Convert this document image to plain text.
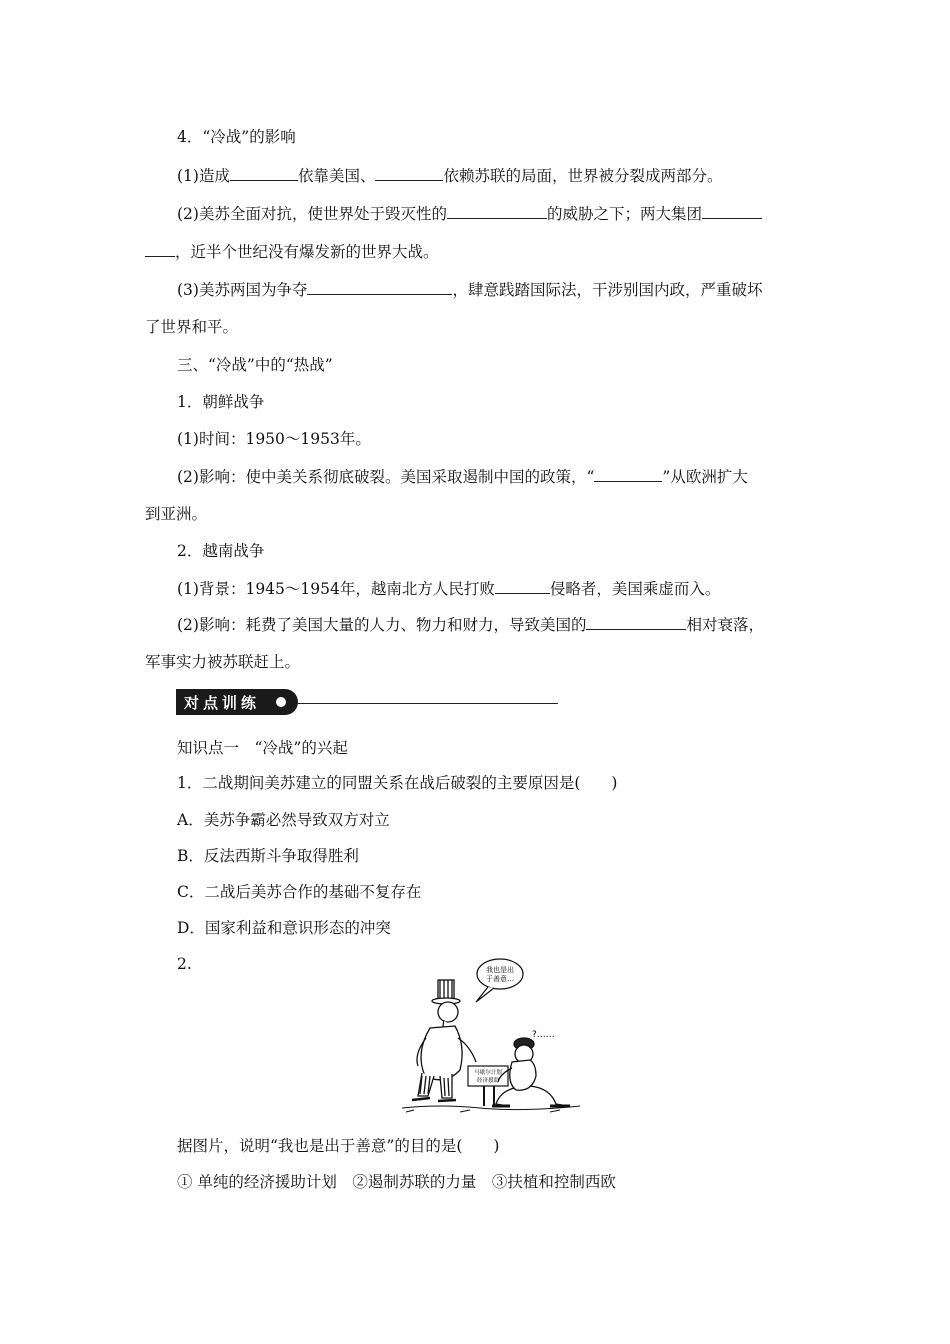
4．“冷战”的影响
(1)造成	依靠美国、	依赖苏联的局面，世界被分裂成两部分。
(2)美苏全面对抗，使世界处于毁灭性的	的威胁之下；两大集团
，近半个世纪没有爆发新的世界大战。
(3)美苏两国为争夺	，肆意践踏国际法，干涉别国内政，严重破坏
了世界和平。
三、“冷战”中的“热战”
1．朝鲜战争
(1)时间：1950～1953年。
(2)影响：使中美关系彻底破裂。美国采取遏制中国的政策，“	”从欧洲扩大
到亚洲。
2．越南战争
(1)背景：1945～1954年，越南北方人民打败	侵略者，美国乘虚而入。
(2)影响：耗费了美国大量的人力、物力和财力，导致美国的	相对衰落，
军事实力被苏联赶上。
对点训练
知识点一　“冷战”的兴起
1．二战期间美苏建立的同盟关系在战后破裂的主要原因是(　　)
A．美苏争霸必然导致双方对立
B．反法西斯斗争取得胜利
C．二战后美苏合作的基础不复存在
D．国家利益和意识形态的冲突
2.	我也是出
于善意…
?……
马歇尔计划
经济援助
据图片，说明“我也是出于善意”的目的是(　　)
① 单纯的经济援助计划　②遏制苏联的力量　③扶植和控制西欧
